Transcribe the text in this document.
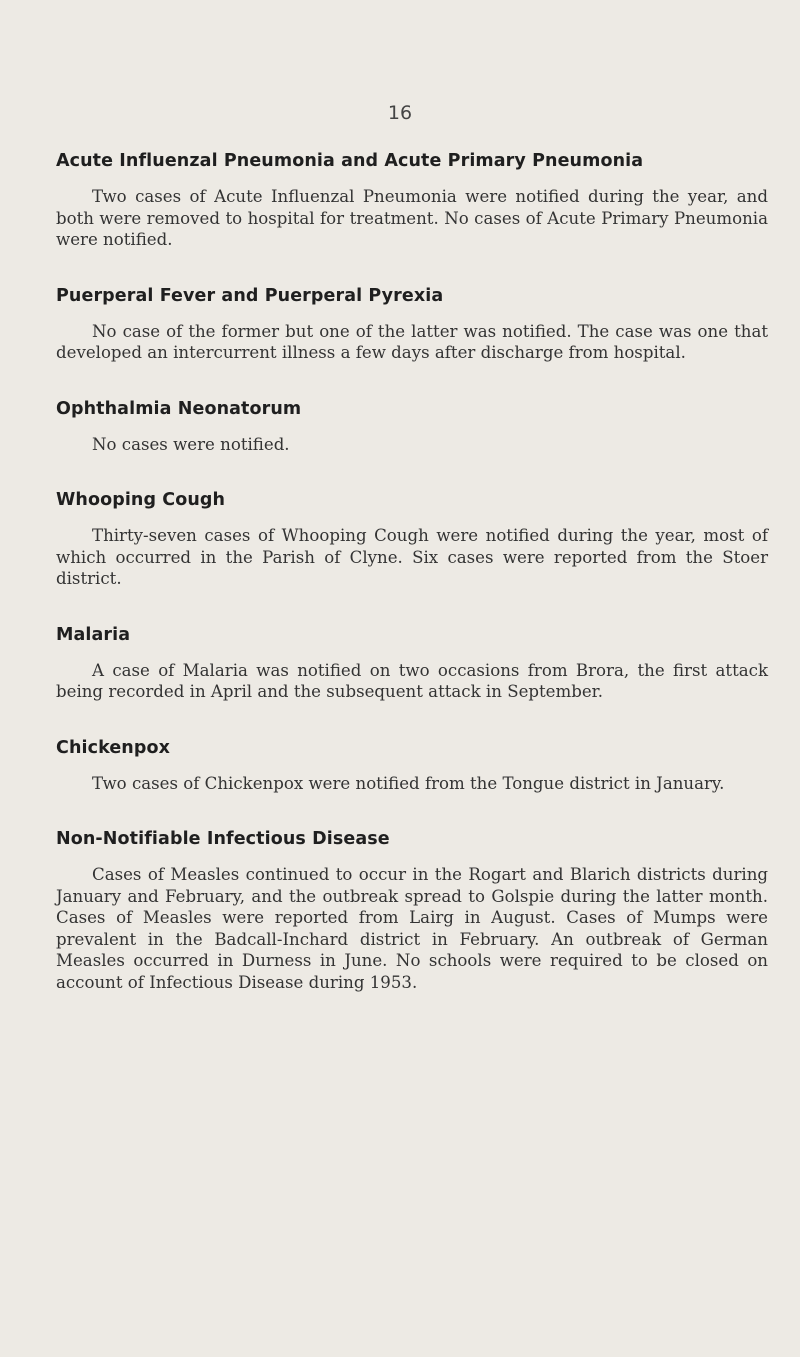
16
Acute Influenzal Pneumonia and Acute Primary Pneumonia

Two cases of Acute Influenzal Pneumonia were notified during the year, and both were removed to hospital for treatment. No cases of Acute Primary Pneumonia were notified.

Puerperal Fever and Puerperal Pyrexia

No case of the former but one of the latter was notified. The case was one that developed an intercurrent illness a few days after discharge from hospital.

Ophthalmia Neonatorum

No cases were notified.

Whooping Cough

Thirty-seven cases of Whooping Cough were notified during the year, most of which occurred in the Parish of Clyne. Six cases were reported from the Stoer district.

Malaria

A case of Malaria was notified on two occasions from Brora, the first attack being recorded in April and the subsequent attack in September.

Chickenpox

Two cases of Chickenpox were notified from the Tongue district in January.

Non-Notifiable Infectious Disease

Cases of Measles continued to occur in the Rogart and Blarich districts during January and February, and the outbreak spread to Golspie during the latter month. Cases of Measles were reported from Lairg in August. Cases of Mumps were prevalent in the Badcall-Inchard district in February. An outbreak of German Measles occurred in Durness in June. No schools were required to be closed on account of Infectious Disease during 1953.
